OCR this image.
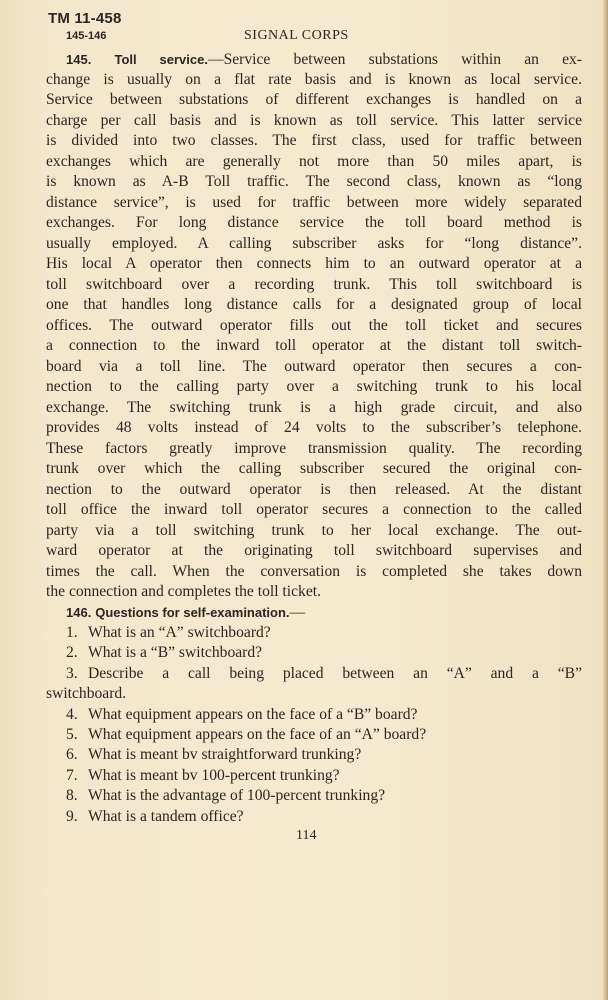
TM 11-458
145-146	SIGNAL CORPS
145. Toll service.—Service between substations within an ex-
change is usually on a flat rate basis and is known as local service.
Service between substations of different exchanges is handled on a
charge per call basis and is known as toll service. This latter service
is divided into two classes. The first class, used for traffic between
exchanges which are generally not more than 50 miles apart, is
is known as A-B Toll traffic. The second class, known as “long
distance service”, is used for traffic between more widely separated
exchanges. For long distance service the toll board method is
usually employed. A calling subscriber asks for “long distance”.
His local A operator then connects him to an outward operator at a
toll switchboard over a recording trunk. This toll switchboard is
one that handles long distance calls for a designated group of local
offices. The outward operator fills out the toll ticket and secures
a connection to the inward toll operator at the distant toll switch-
board via a toll line. The outward operator then secures a con-
nection to the calling party over a switching trunk to his local
exchange. The switching trunk is a high grade circuit, and also
provides 48 volts instead of 24 volts to the subscriber’s telephone.
These factors greatly improve transmission quality. The recording
trunk over which the calling subscriber secured the original con-
nection to the outward operator is then released. At the distant
toll office the inward toll operator secures a connection to the called
party via a toll switching trunk to her local exchange. The out-
ward operator at the originating toll switchboard supervises and
times the call. When the conversation is completed she takes down
the connection and completes the toll ticket.
146. Questions for self-examination.—
1. What is an “A” switchboard?
2. What is a “B” switchboard?
3. Describe a call being placed between an “A” and a “B”
switchboard.
4. What equipment appears on the face of a “B” board?
5. What equipment appears on the face of an “A” board?
6. What is meant bv straightforward trunking?
7. What is meant bv 100-percent trunking?
8. What is the advantage of 100-percent trunking?
9. What is a tandem office?
114
